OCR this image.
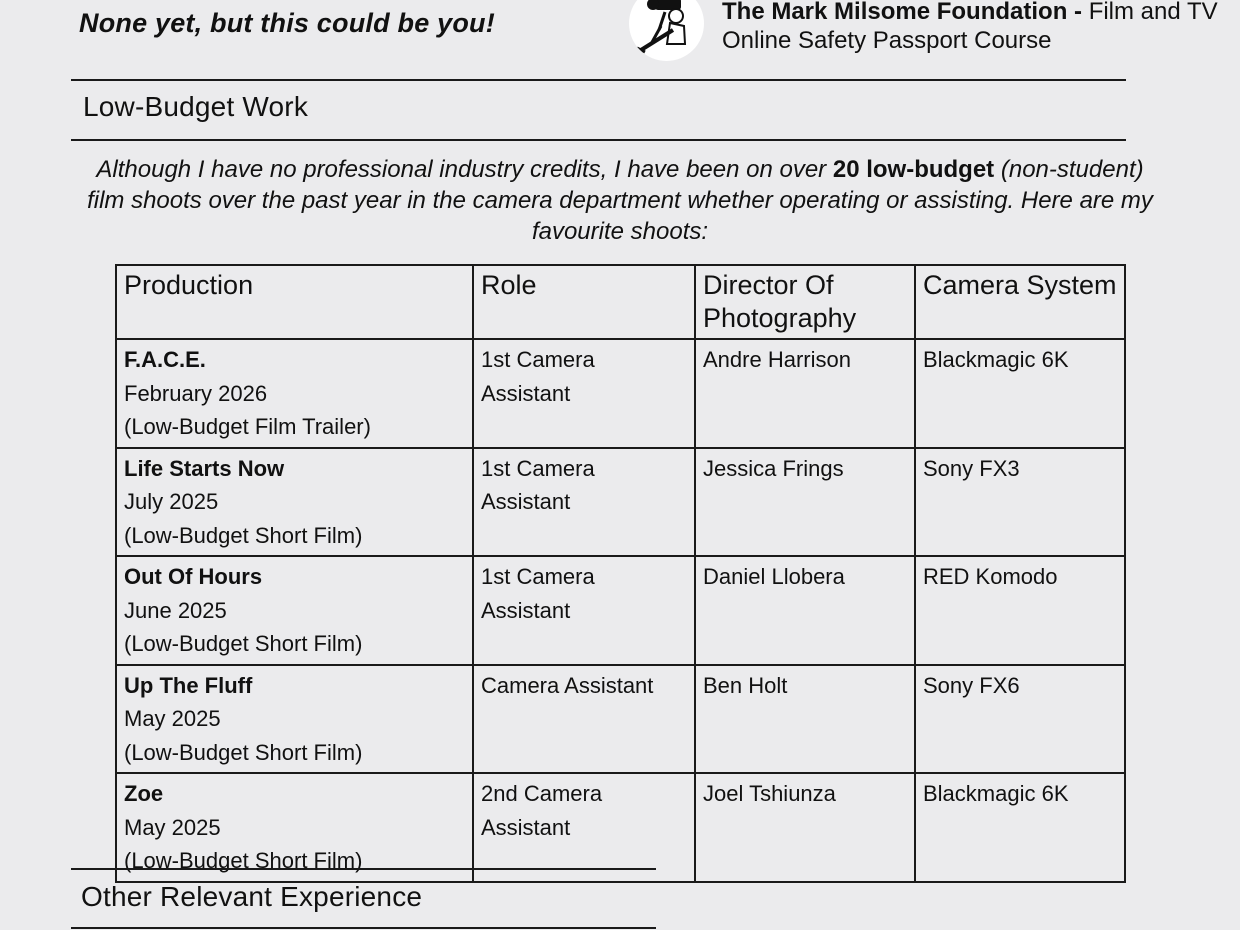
None yet, but this could be you!	The Mark Milsome Foundation - Film and TV Online Safety Passport Course
Low-Budget Work

Although I have no professional industry credits, I have been on over 20 low-budget (non-student) film shoots over the past year in the camera department whether operating or assisting. Here are my favourite shoots:

Production	Role	Director Of Photography	Camera System

F.A.C.E.
February 2026
(Low-Budget Film Trailer)	1st Camera Assistant	Andre Harrison	Blackmagic 6K

Life Starts Now
July 2025
(Low-Budget Short Film)	1st Camera Assistant	Jessica Frings	Sony FX3

Out Of Hours
June 2025
(Low-Budget Short Film)	1st Camera Assistant	Daniel Llobera	RED Komodo

Up The Fluff
May 2025
(Low-Budget Short Film)	Camera Assistant	Ben Holt	Sony FX6

Zoe
May 2025
(Low-Budget Short Film)	2nd Camera Assistant	Joel Tshiunza	Blackmagic 6K
Other Relevant Experience
